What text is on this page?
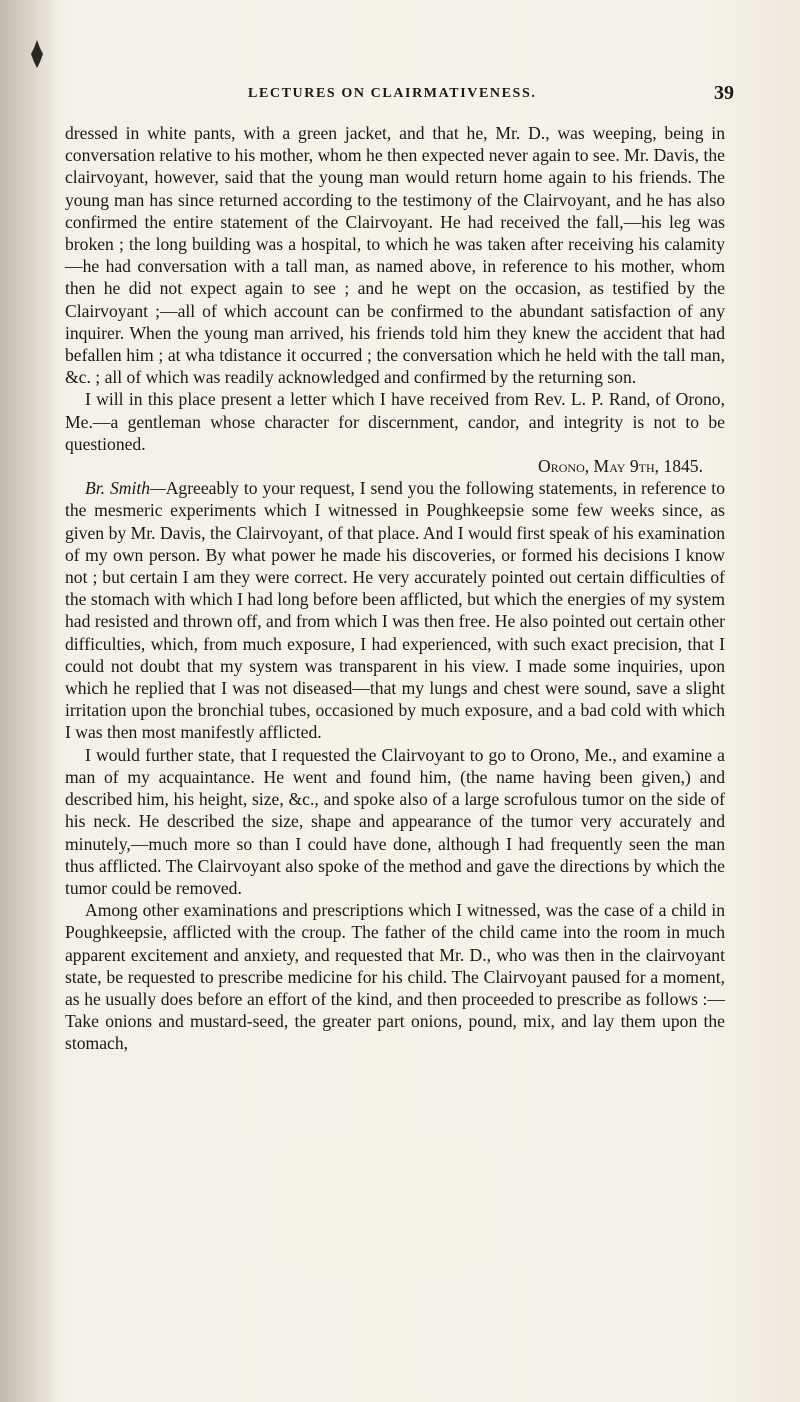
LECTURES ON CLAIRMATIVENESS.	39

dressed in white pants, with a green jacket, and that he, Mr. D., was weeping, being in conversation relative to his mother, whom he then expected never again to see. Mr. Davis, the clairvoyant, however, said that the young man would return home again to his friends. The young man has since returned according to the testimony of the Clairvoyant, and he has also confirmed the entire statement of the Clairvoyant. He had received the fall,—his leg was broken ; the long building was a hospital, to which he was taken after receiving his calamity—he had conversation with a tall man, as named above, in reference to his mother, whom then he did not expect again to see ; and he wept on the occasion, as testified by the Clairvoyant ;—all of which account can be confirmed to the abundant satisfaction of any inquirer. When the young man arrived, his friends told him they knew the accident that had befallen him ; at wha tdistance it occurred ; the conversation which he held with the tall man, &c. ; all of which was readily acknowledged and confirmed by the returning son.

I will in this place present a letter which I have received from Rev. L. P. Rand, of Orono, Me.—a gentleman whose character for discernment, candor, and integrity is not to be questioned.

Orono, May 9th, 1845.

Br. Smith—Agreeably to your request, I send you the following statements, in reference to the mesmeric experiments which I witnessed in Poughkeepsie some few weeks since, as given by Mr. Davis, the Clairvoyant, of that place. And I would first speak of his examination of my own person. By what power he made his discoveries, or formed his decisions I know not ; but certain I am they were correct. He very accurately pointed out certain difficulties of the stomach with which I had long before been afflicted, but which the energies of my system had resisted and thrown off, and from which I was then free. He also pointed out certain other difficulties, which, from much exposure, I had experienced, with such exact precision, that I could not doubt that my system was transparent in his view. I made some inquiries, upon which he replied that I was not diseased—that my lungs and chest were sound, save a slight irritation upon the bronchial tubes, occasioned by much exposure, and a bad cold with which I was then most manifestly afflicted.

I would further state, that I requested the Clairvoyant to go to Orono, Me., and examine a man of my acquaintance. He went and found him, (the name having been given,) and described him, his height, size, &c., and spoke also of a large scrofulous tumor on the side of his neck. He described the size, shape and appearance of the tumor very accurately and minutely,—much more so than I could have done, although I had frequently seen the man thus afflicted. The Clairvoyant also spoke of the method and gave the directions by which the tumor could be removed.

Among other examinations and prescriptions which I witnessed, was the case of a child in Poughkeepsie, afflicted with the croup. The father of the child came into the room in much apparent excitement and anxiety, and requested that Mr. D., who was then in the clairvoyant state, be requested to prescribe medicine for his child. The Clairvoyant paused for a moment, as he usually does before an effort of the kind, and then proceeded to prescribe as follows :—Take onions and mustard-seed, the greater part onions, pound, mix, and lay them upon the stomach,
